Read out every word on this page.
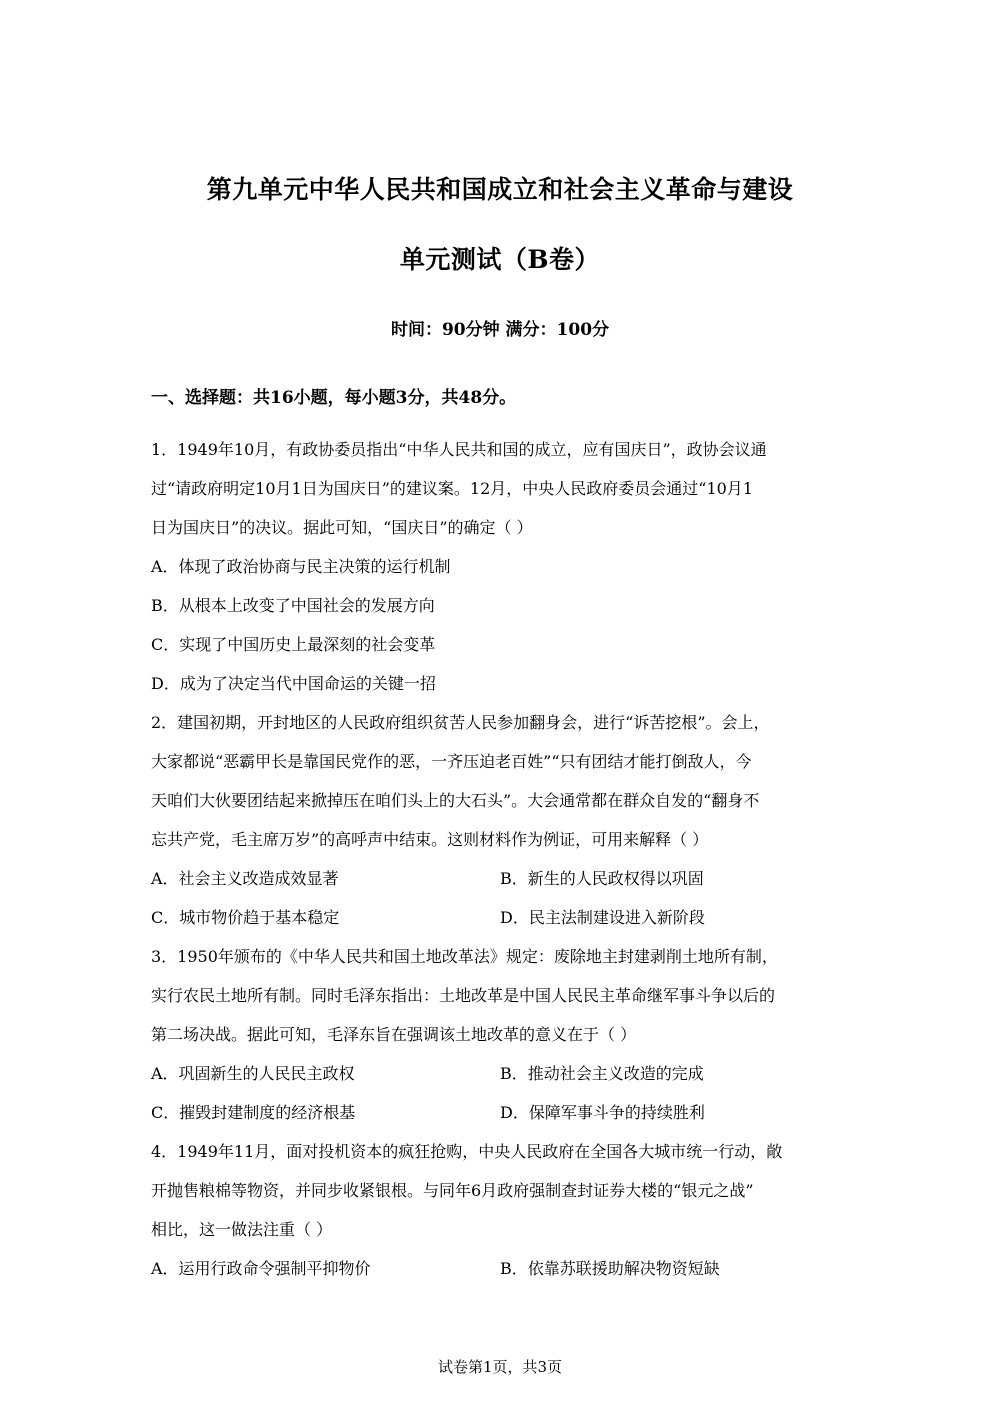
第九单元中华人民共和国成立和社会主义革命与建设
单元测试（B卷）
时间：90分钟 满分：100分
一、选择题：共16小题，每小题3分，共48分。
1．1949年10月，有政协委员指出“中华人民共和国的成立，应有国庆日”，政协会议通
过“请政府明定10月1日为国庆日”的建议案。12月，中央人民政府委员会通过“10月1
日为国庆日”的决议。据此可知，“国庆日”的确定（ ）
A．体现了政治协商与民主决策的运行机制
B．从根本上改变了中国社会的发展方向
C．实现了中国历史上最深刻的社会变革
D．成为了决定当代中国命运的关键一招
2．建国初期，开封地区的人民政府组织贫苦人民参加翻身会，进行“诉苦挖根”。会上，
大家都说“恶霸甲长是靠国民党作的恶，一齐压迫老百姓”“只有团结才能打倒敌人，今
天咱们大伙要团结起来掀掉压在咱们头上的大石头”。大会通常都在群众自发的“翻身不
忘共产党，毛主席万岁”的高呼声中结束。这则材料作为例证，可用来解释（ ）
A．社会主义改造成效显著	B．新生的人民政权得以巩固
C．城市物价趋于基本稳定	D．民主法制建设进入新阶段
3．1950年颁布的《中华人民共和国土地改革法》规定：废除地主封建剥削土地所有制，
实行农民土地所有制。同时毛泽东指出：土地改革是中国人民民主革命继军事斗争以后的
第二场决战。据此可知，毛泽东旨在强调该土地改革的意义在于（ ）
A．巩固新生的人民民主政权	B．推动社会主义改造的完成
C．摧毁封建制度的经济根基	D．保障军事斗争的持续胜利
4．1949年11月，面对投机资本的疯狂抢购，中央人民政府在全国各大城市统一行动，敞
开抛售粮棉等物资，并同步收紧银根。与同年6月政府强制查封证券大楼的“银元之战”
相比，这一做法注重（ ）
A．运用行政命令强制平抑物价	B．依靠苏联援助解决物资短缺
试卷第1页，共3页
